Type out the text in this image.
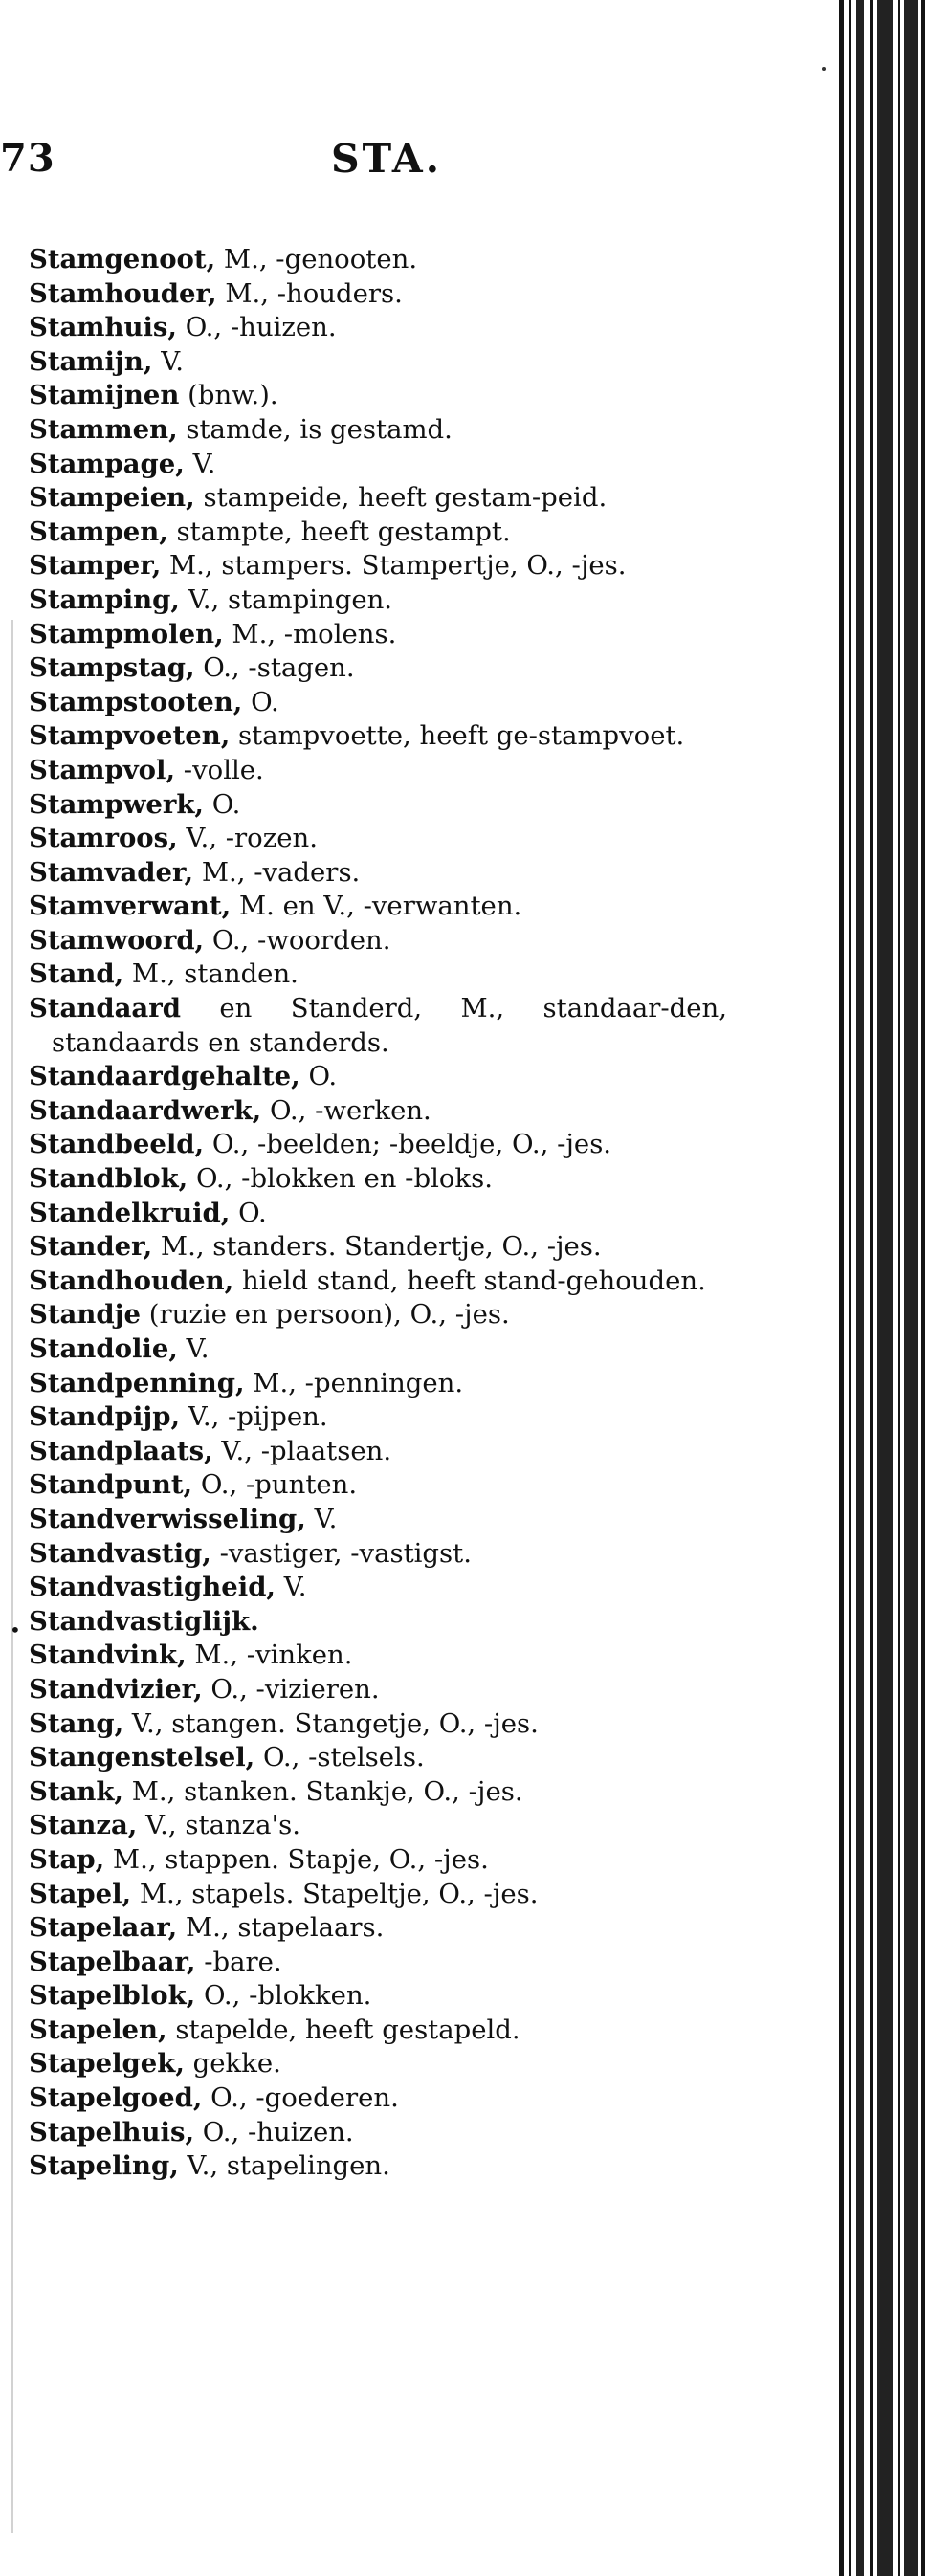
73	STA.
•
Stamgenoot, M., -genooten.
Stamhouder, M., -houders.
Stamhuis, O., -huizen.
Stamijn, V.
Stamijnen (bnw.).
Stammen, stamde, is gestamd.
Stampage, V.
Stampeien, stampeide, heeft gestam-peid.
Stampen, stampte, heeft gestampt.
Stamper, M., stampers. Stampertje, O., -jes.
Stamping, V., stampingen.
Stampmolen, M., -molens.
Stampstag, O., -stagen.
Stampstooten, O.
Stampvoeten, stampvoette, heeft ge-stampvoet.
Stampvol, -volle.
Stampwerk, O.
Stamroos, V., -rozen.
Stamvader, M., -vaders.
Stamverwant, M. en V., -verwanten.
Stamwoord, O., -woorden.
Stand, M., standen.
Standaard en Standerd, M., standaar-den, standaards en standerds.
Standaardgehalte, O.
Standaardwerk, O., -werken.
Standbeeld, O., -beelden; -beeldje, O., -jes.
Standblok, O., -blokken en -bloks.
Standelkruid, O.
Stander, M., standers. Standertje, O., -jes.
Standhouden, hield stand, heeft stand-gehouden.
Standje (ruzie en persoon), O., -jes.
Standolie, V.
Standpenning, M., -penningen.
Standpijp, V., -pijpen.
Standplaats, V., -plaatsen.
Standpunt, O., -punten.
Standverwisseling, V.
Standvastig, -vastiger, -vastigst.
Standvastigheid, V.
Standvastiglijk.
Standvink, M., -vinken.
Standvizier, O., -vizieren.
Stang, V., stangen. Stangetje, O., -jes.
Stangenstelsel, O., -stelsels.
Stank, M., stanken. Stankje, O., -jes.
Stanza, V., stanza's.
Stap, M., stappen. Stapje, O., -jes.
Stapel, M., stapels. Stapeltje, O., -jes.
Stapelaar, M., stapelaars.
Stapelbaar, -bare.
Stapelblok, O., -blokken.
Stapelen, stapelde, heeft gestapeld.
Stapelgek, gekke.
Stapelgoed, O., -goederen.
Stapelhuis, O., -huizen.
Stapeling, V., stapelingen.
